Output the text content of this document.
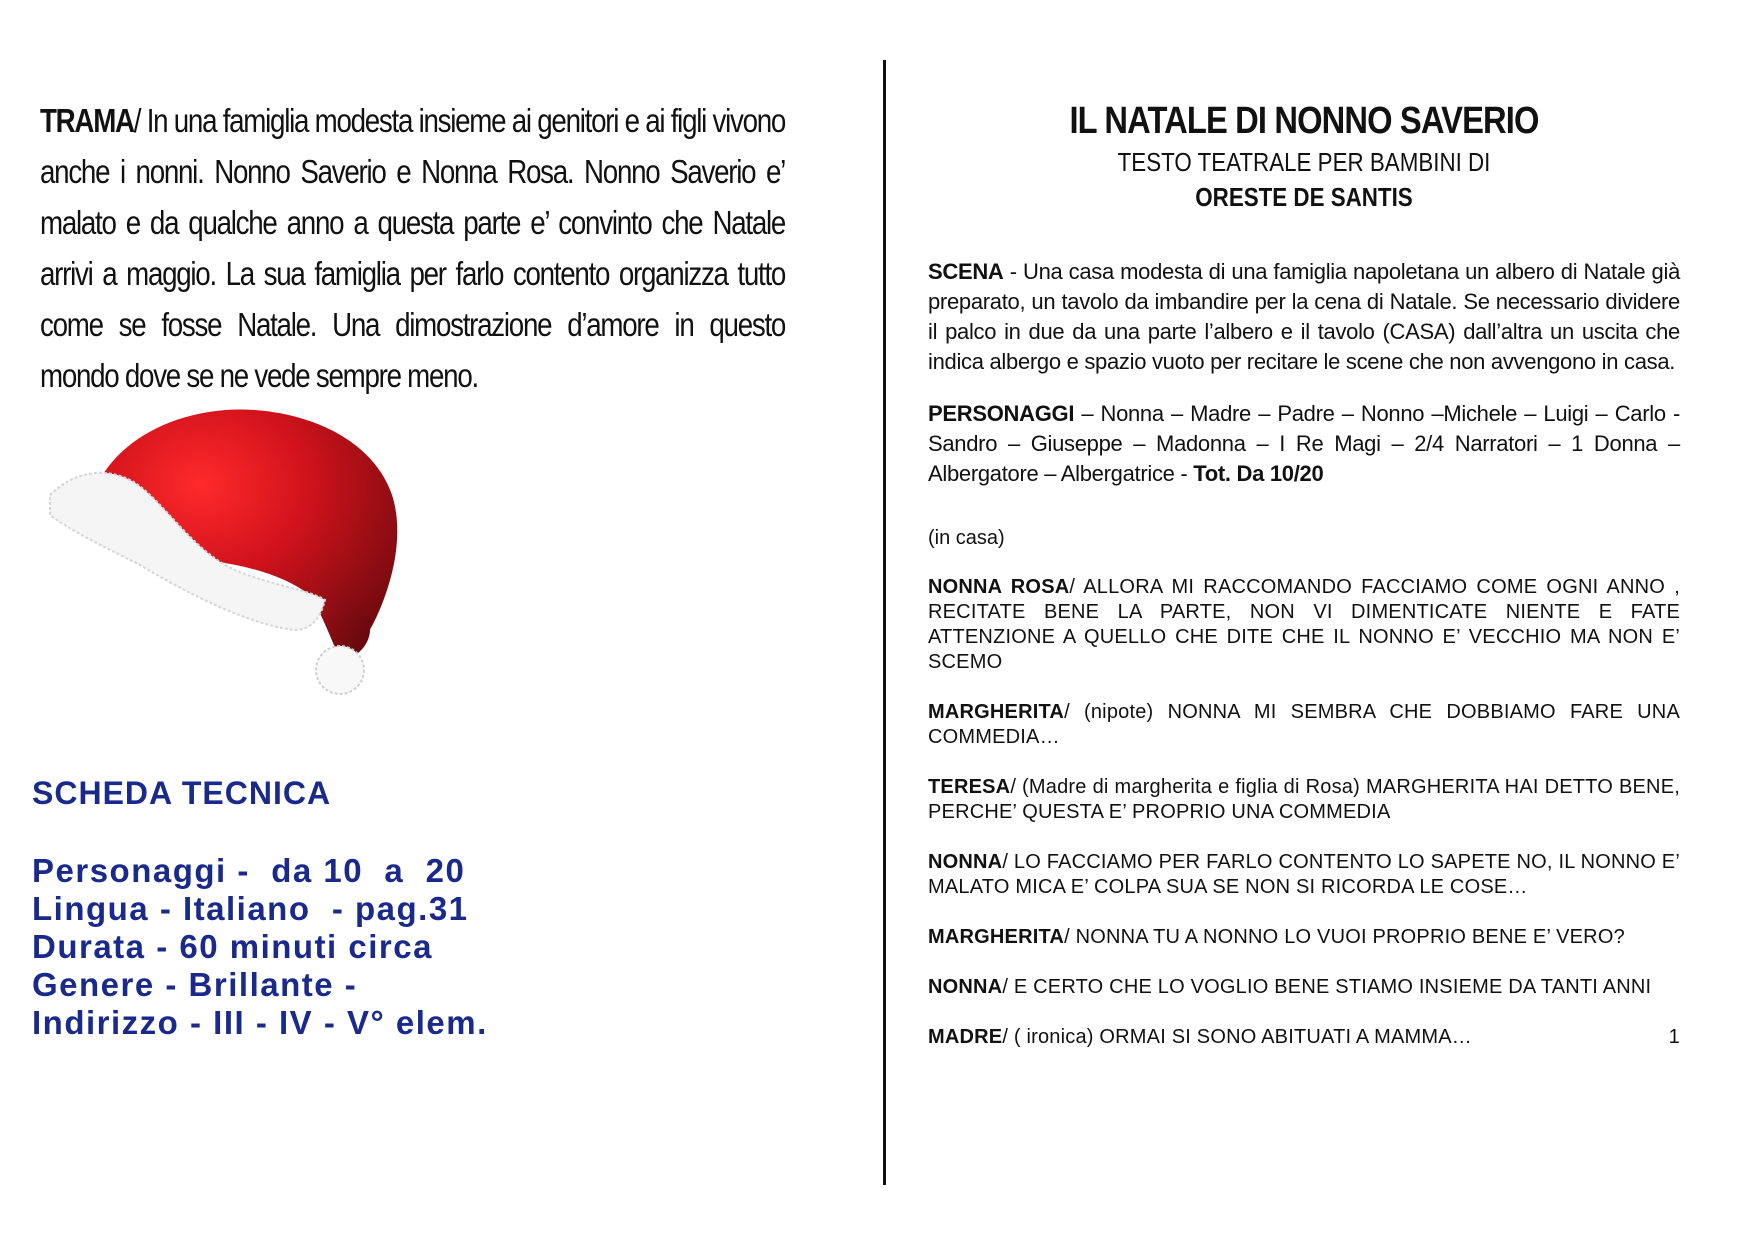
TRAMA/ In una famiglia modesta insieme ai genitori e ai figli vivono anche i nonni. Nonno Saverio e Nonna Rosa. Nonno Saverio e’ malato e da qualche anno a questa parte e’ convinto che Natale arrivi a maggio. La sua famiglia per farlo contento organizza tutto come se fosse Natale. Una dimostrazione d’amore in questo mondo dove se ne vede sempre meno.

SCHEDA TECNICA
Personaggi -  da 10  a  20
Lingua - Italiano  - pag.31
Durata - 60 minuti circa
Genere - Brillante -
Indirizzo - III - IV - V° elem.
IL NATALE DI NONNO SAVERIO
TESTO TEATRALE PER BAMBINI DI
ORESTE DE SANTIS

SCENA - Una casa modesta di una famiglia napoletana un albero di Natale già preparato, un tavolo da imbandire per la cena di Natale. Se necessario dividere il palco in due da una parte l’albero e il tavolo (CASA) dall’altra un uscita che indica albergo e spazio vuoto per recitare le scene che non avvengono in casa.

PERSONAGGI – Nonna – Madre – Padre – Nonno –Michele – Luigi – Carlo - Sandro – Giuseppe – Madonna – I Re Magi – 2/4 Narratori – 1 Donna – Albergatore – Albergatrice - Tot. Da 10/20

(in casa)

NONNA ROSA/ ALLORA MI RACCOMANDO FACCIAMO COME OGNI ANNO , RECITATE BENE LA PARTE, NON VI DIMENTICATE NIENTE E FATE ATTENZIONE A QUELLO CHE DITE CHE IL NONNO E’ VECCHIO MA NON E’ SCEMO

MARGHERITA/ (nipote) NONNA MI SEMBRA CHE DOBBIAMO FARE UNA COMMEDIA…

TERESA/ (Madre di margherita e figlia di Rosa) MARGHERITA HAI DETTO BENE, PERCHE’ QUESTA E’ PROPRIO UNA COMMEDIA

NONNA/ LO FACCIAMO PER FARLO CONTENTO LO SAPETE NO, IL NONNO E’ MALATO MICA E’ COLPA SUA SE NON SI RICORDA LE COSE…

MARGHERITA/ NONNA TU A NONNO LO VUOI PROPRIO BENE E’ VERO?

NONNA/ E CERTO CHE LO VOGLIO BENE STIAMO INSIEME DA TANTI ANNI

MADRE/ ( ironica) ORMAI SI SONO ABITUATI A MAMMA…	1
